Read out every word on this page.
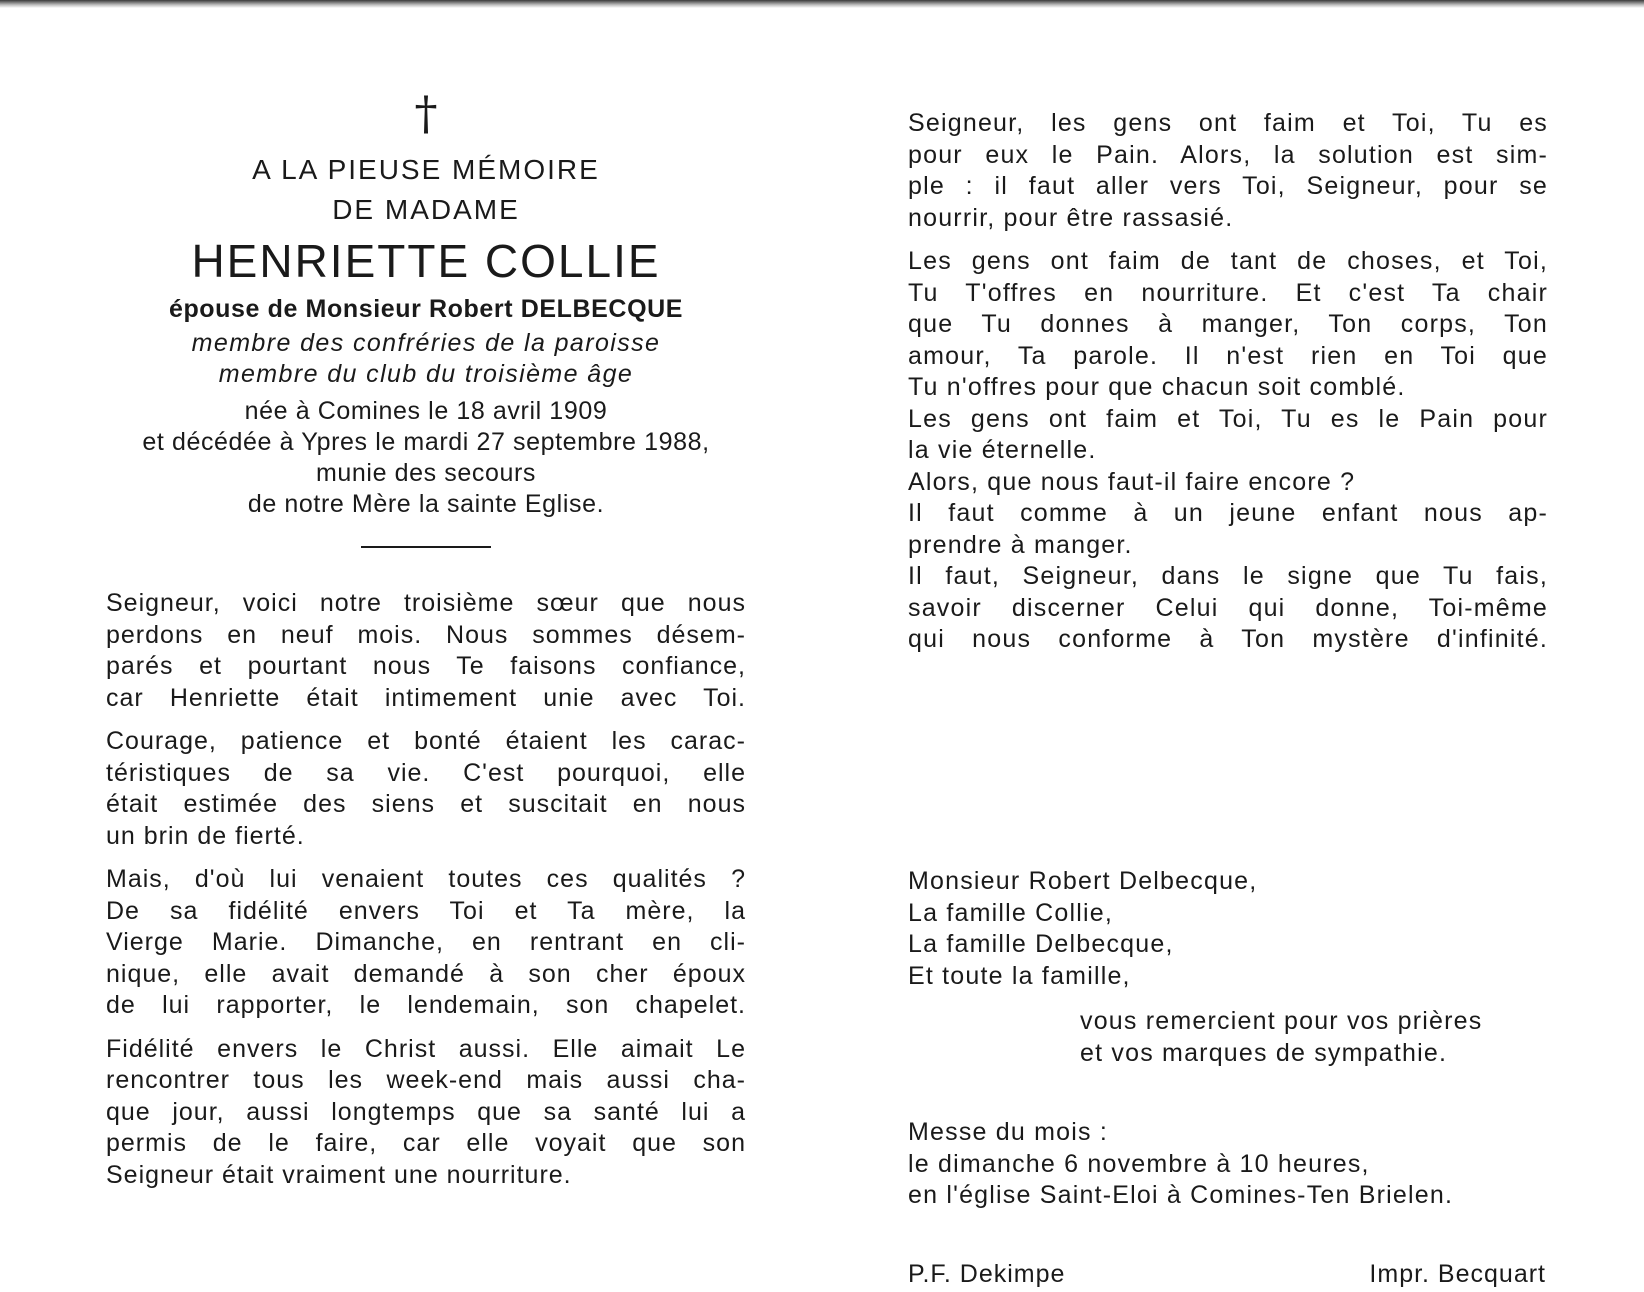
†
A LA PIEUSE MÉMOIRE
DE MADAME
HENRIETTE COLLIE
épouse de Monsieur Robert DELBECQUE
membre des confréries de la paroisse
membre du club du troisième âge
née à Comines le 18 avril 1909
et décédée à Ypres le mardi 27 septembre 1988,
munie des secours
de notre Mère la sainte Eglise.
Seigneur, voici notre troisième sœur que nous
perdons en neuf mois. Nous sommes désem-
parés et pourtant nous Te faisons confiance,
car Henriette était intimement unie avec Toi.
Courage, patience et bonté étaient les carac-
téristiques de sa vie. C'est pourquoi, elle
était estimée des siens et suscitait en nous
un brin de fierté.
Mais, d'où lui venaient toutes ces qualités ?
De sa fidélité envers Toi et Ta mère, la
Vierge Marie. Dimanche, en rentrant en cli-
nique, elle avait demandé à son cher époux
de lui rapporter, le lendemain, son chapelet.
Fidélité envers le Christ aussi. Elle aimait Le
rencontrer tous les week-end mais aussi cha-
que jour, aussi longtemps que sa santé lui a
permis de le faire, car elle voyait que son
Seigneur était vraiment une nourriture.
Seigneur, les gens ont faim et Toi, Tu es
pour eux le Pain. Alors, la solution est sim-
ple : il faut aller vers Toi, Seigneur, pour se
nourrir, pour être rassasié.
Les gens ont faim de tant de choses, et Toi,
Tu T'offres en nourriture. Et c'est Ta chair
que Tu donnes à manger, Ton corps, Ton
amour, Ta parole. Il n'est rien en Toi que
Tu n'offres pour que chacun soit comblé.
Les gens ont faim et Toi, Tu es le Pain pour
la vie éternelle.
Alors, que nous faut-il faire encore ?
Il faut comme à un jeune enfant nous ap-
prendre à manger.
Il faut, Seigneur, dans le signe que Tu fais,
savoir discerner Celui qui donne, Toi-même
qui nous conforme à Ton mystère d'infinité.
Monsieur Robert Delbecque,
La famille Collie,
La famille Delbecque,
Et toute la famille,
vous remercient pour vos prières
et vos marques de sympathie.
Messe du mois :
le dimanche 6 novembre à 10 heures,
en l'église Saint-Eloi à Comines-Ten Brielen.
P.F. Dekimpe	Impr. Becquart
